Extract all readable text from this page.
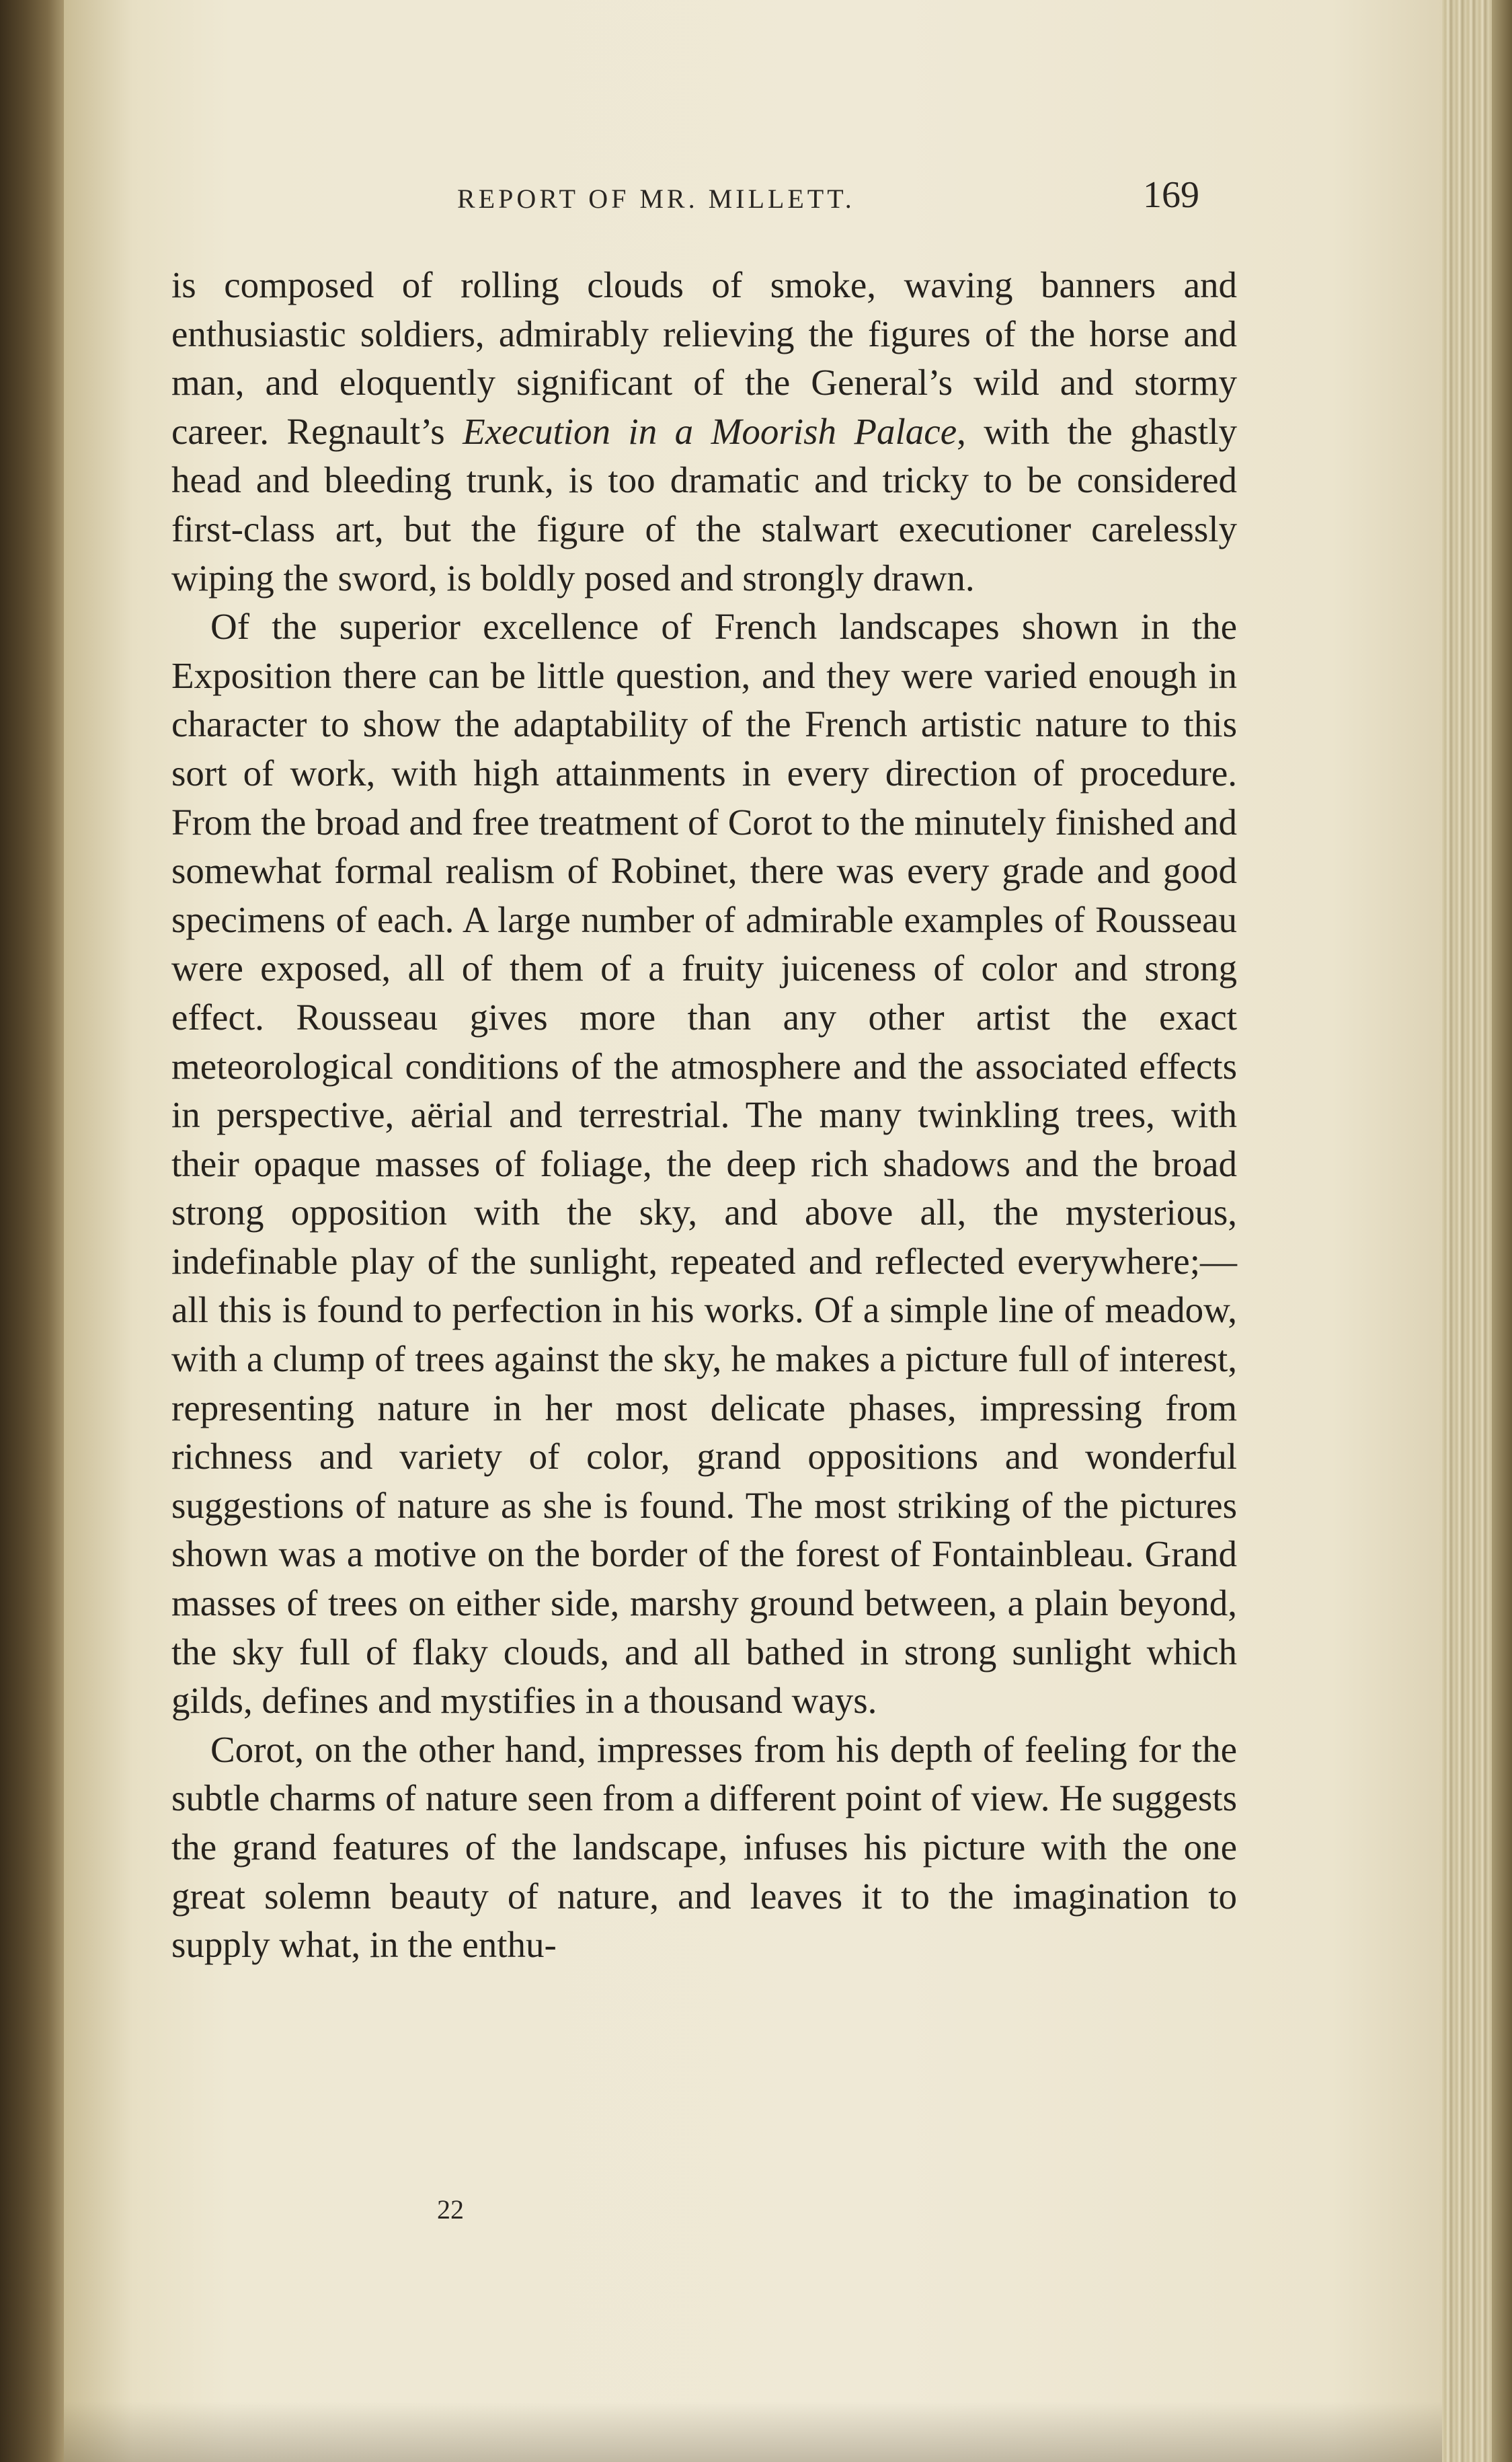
REPORT OF MR. MILLETT.	169

is composed of rolling clouds of smoke, waving banners and enthusiastic soldiers, admirably relieving the figures of the horse and man, and eloquently significant of the General’s wild and stormy career. Regnault’s Execution in a Moorish Palace, with the ghastly head and bleeding trunk, is too dramatic and tricky to be considered first-class art, but the figure of the stalwart executioner carelessly wiping the sword, is boldly posed and strongly drawn.

Of the superior excellence of French landscapes shown in the Exposition there can be little question, and they were varied enough in character to show the adaptability of the French artistic nature to this sort of work, with high attainments in every direction of procedure. From the broad and free treatment of Corot to the minutely finished and somewhat formal realism of Robinet, there was every grade and good specimens of each. A large number of admirable examples of Rousseau were exposed, all of them of a fruity juiceness of color and strong effect. Rousseau gives more than any other artist the exact meteorological conditions of the atmosphere and the associated effects in perspective, aërial and terrestrial. The many twinkling trees, with their opaque masses of foliage, the deep rich shadows and the broad strong opposition with the sky, and above all, the mysterious, indefinable play of the sunlight, repeated and reflected everywhere;—all this is found to perfection in his works. Of a simple line of meadow, with a clump of trees against the sky, he makes a picture full of interest, representing nature in her most delicate phases, impressing from richness and variety of color, grand oppositions and wonderful suggestions of nature as she is found. The most striking of the pictures shown was a motive on the border of the forest of Fontainbleau. Grand masses of trees on either side, marshy ground between, a plain beyond, the sky full of flaky clouds, and all bathed in strong sunlight which gilds, defines and mystifies in a thousand ways.

Corot, on the other hand, impresses from his depth of feeling for the subtle charms of nature seen from a different point of view. He suggests the grand features of the landscape, infuses his picture with the one great solemn beauty of nature, and leaves it to the imagination to supply what, in the enthu-

22
